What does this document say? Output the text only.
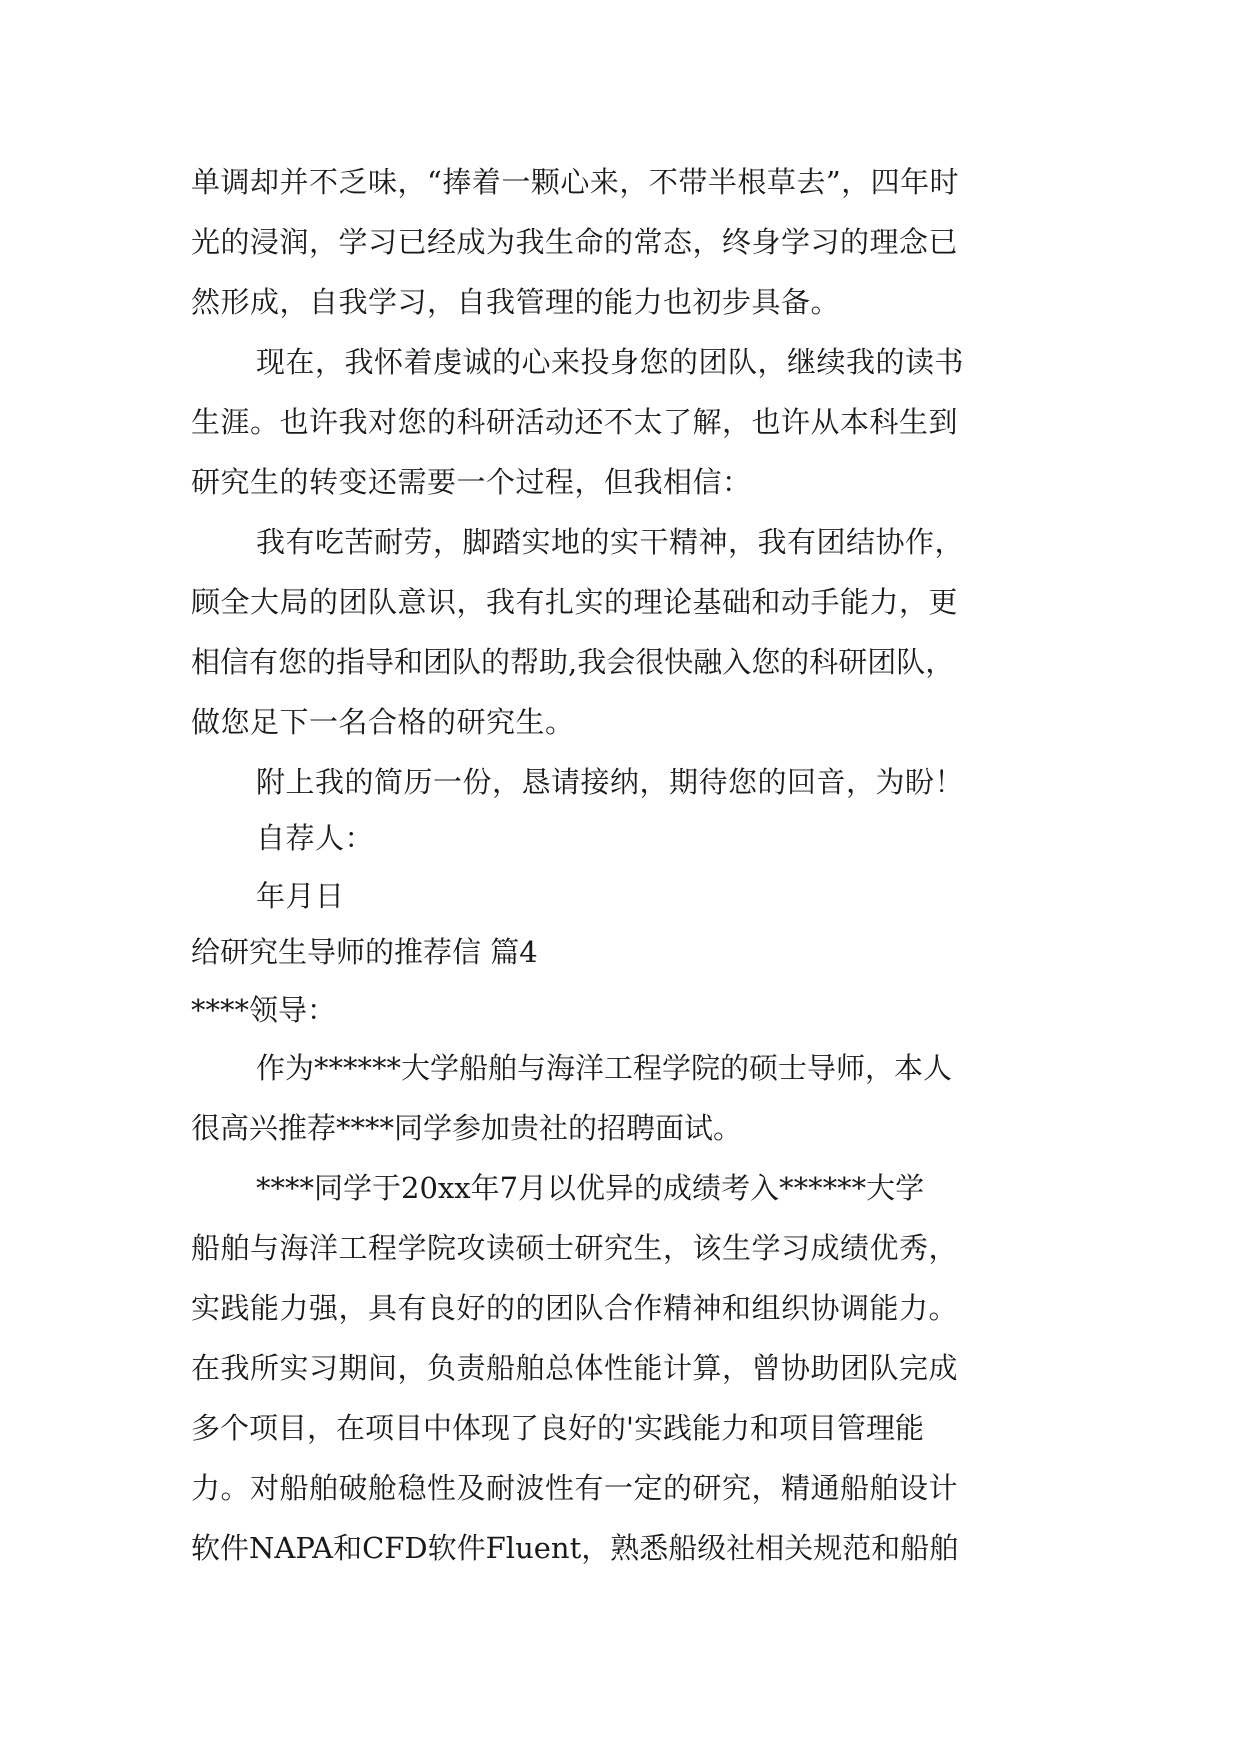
单调却并不乏味，“捧着一颗心来，不带半根草去”，四年时
光的浸润，学习已经成为我生命的常态，终身学习的理念已
然形成，自我学习，自我管理的能力也初步具备。
现在，我怀着虔诚的心来投身您的团队，继续我的读书
生涯。也许我对您的科研活动还不太了解，也许从本科生到
研究生的转变还需要一个过程，但我相信：
我有吃苦耐劳，脚踏实地的实干精神，我有团结协作，
顾全大局的团队意识，我有扎实的理论基础和动手能力，更
相信有您的指导和团队的帮助,我会很快融入您的科研团队，
做您足下一名合格的研究生。
附上我的简历一份，恳请接纳，期待您的回音，为盼！
自荐人：
年月日
给研究生导师的推荐信 篇4
****领导：
作为******大学船舶与海洋工程学院的硕士导师，本人
很高兴推荐****同学参加贵社的招聘面试。
****同学于20xx年7月以优异的成绩考入******大学
船舶与海洋工程学院攻读硕士研究生，该生学习成绩优秀，
实践能力强，具有良好的的团队合作精神和组织协调能力。
在我所实习期间，负责船舶总体性能计算，曾协助团队完成
多个项目，在项目中体现了良好的'实践能力和项目管理能
力。对船舶破舱稳性及耐波性有一定的研究，精通船舶设计
软件NAPA和CFD软件Fluent，熟悉船级社相关规范和船舶
